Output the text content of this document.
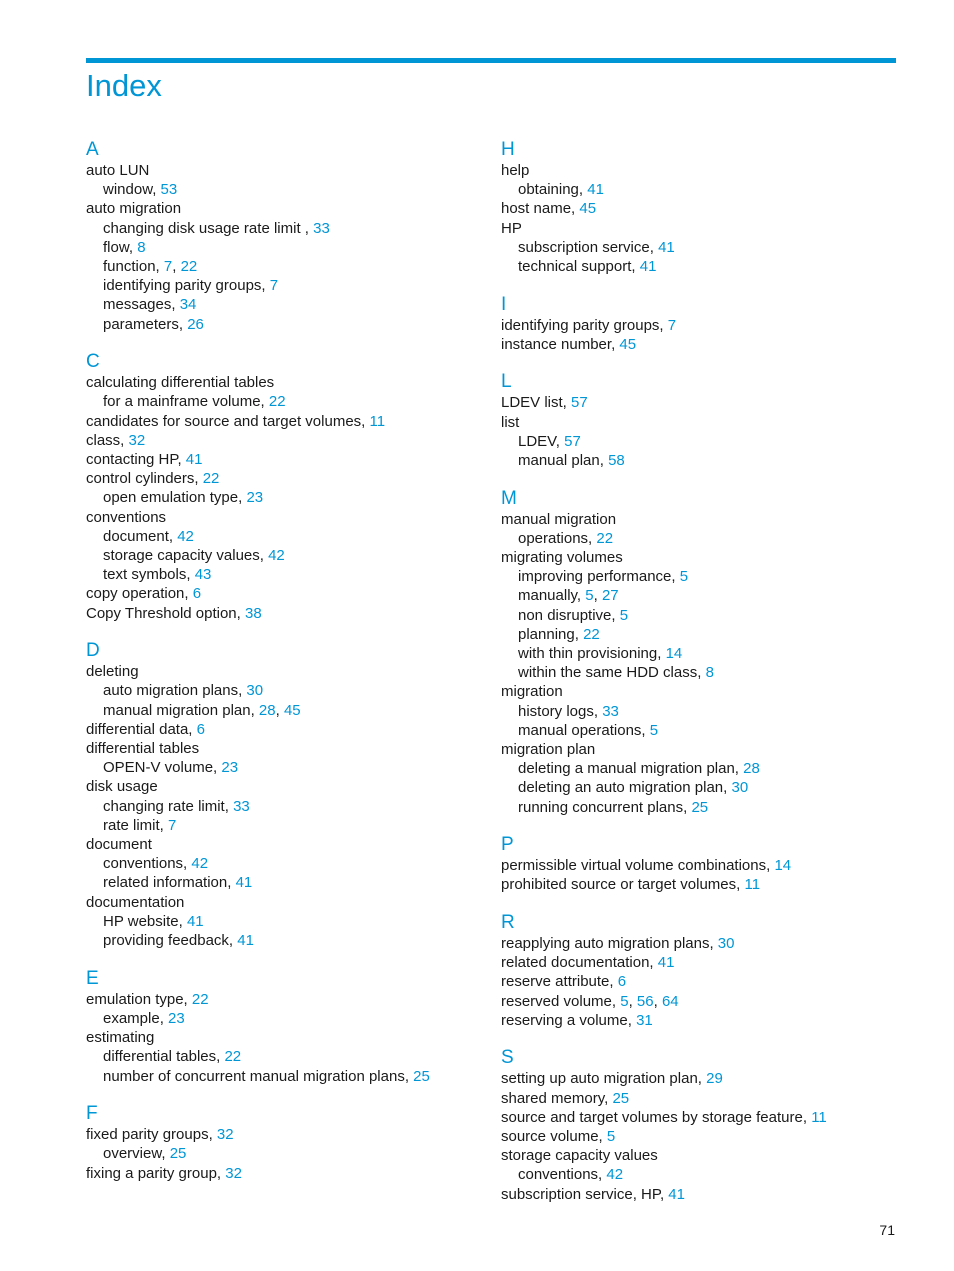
Index
A
auto LUN
window, 53
auto migration
changing disk usage rate limit , 33
flow, 8
function, 7, 22
identifying parity groups, 7
messages, 34
parameters, 26
C
calculating differential tables
for a mainframe volume, 22
candidates for source and target volumes, 11
class, 32
contacting HP, 41
control cylinders, 22
open emulation type, 23
conventions
document, 42
storage capacity values, 42
text symbols, 43
copy operation, 6
Copy Threshold option, 38
D
deleting
auto migration plans, 30
manual migration plan, 28, 45
differential data, 6
differential tables
OPEN-V volume, 23
disk usage
changing rate limit, 33
rate limit, 7
document
conventions, 42
related information, 41
documentation
HP website, 41
providing feedback, 41
E
emulation type, 22
example, 23
estimating
differential tables, 22
number of concurrent manual migration plans, 25
F
fixed parity groups, 32
overview, 25
fixing a parity group, 32
H
help
obtaining, 41
host name, 45
HP
subscription service, 41
technical support, 41
I
identifying parity groups, 7
instance number, 45
L
LDEV list, 57
list
LDEV, 57
manual plan, 58
M
manual migration
operations, 22
migrating volumes
improving performance, 5
manually, 5, 27
non disruptive, 5
planning, 22
with thin provisioning, 14
within the same HDD class, 8
migration
history logs, 33
manual operations, 5
migration plan
deleting a manual migration plan, 28
deleting an auto migration plan, 30
running concurrent plans, 25
P
permissible virtual volume combinations, 14
prohibited source or target volumes, 11
R
reapplying auto migration plans, 30
related documentation, 41
reserve attribute, 6
reserved volume, 5, 56, 64
reserving a volume, 31
S
setting up auto migration plan, 29
shared memory, 25
source and target volumes by storage feature, 11
source volume, 5
storage capacity values
conventions, 42
subscription service, HP, 41
71
